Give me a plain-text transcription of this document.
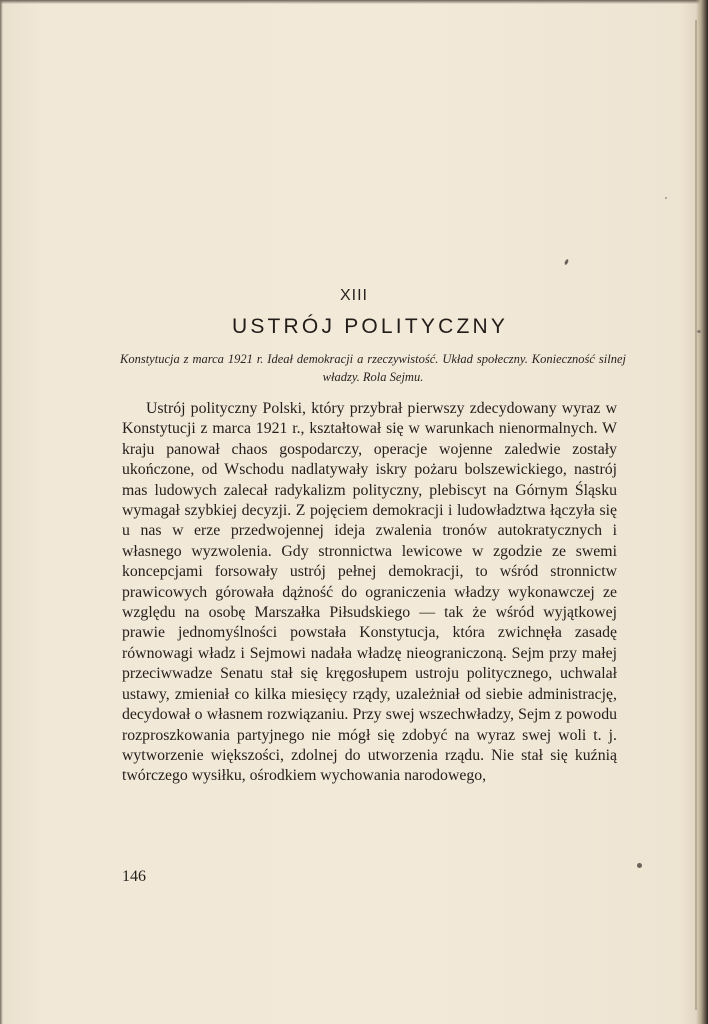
XIII
USTRÓJ POLITYCZNY
Konstytucja z marca 1921 r. Ideał demokracji a rzeczywistość. Układ społeczny. Konieczność silnej władzy. Rola Sejmu.
Ustrój polityczny Polski, który przybrał pierwszy zdecydowany wyraz w Konstytucji z marca 1921 r., kształtował się w warunkach nienormalnych. W kraju panował chaos gospodarczy, operacje wojenne zaledwie zostały ukończone, od Wschodu nadlatywały iskry pożaru bolszewickiego, nastrój mas ludowych zalecał radykalizm polityczny, plebiscyt na Górnym Śląsku wymagał szybkiej decyzji. Z pojęciem demokracji i ludowładztwa łączyła się u nas w erze przedwojennej ideja zwalenia tronów autokratycznych i własnego wyzwolenia. Gdy stronnictwa lewicowe w zgodzie ze swemi koncepcjami forsowały ustrój pełnej demokracji, to wśród stronnictw prawicowych górowała dążność do ograniczenia władzy wykonawczej ze względu na osobę Marszałka Piłsudskiego — tak że wśród wyjątkowej prawie jednomyślności powstała Konstytucja, która zwichnęła zasadę równowagi władz i Sejmowi nadała władzę nieograniczoną. Sejm przy małej przeciwwadze Senatu stał się kręgosłupem ustroju politycznego, uchwalał ustawy, zmieniał co kilka miesięcy rządy, uzależniał od siebie administrację, decydował o własnem rozwiązaniu. Przy swej wszechwładzy, Sejm z powodu rozproszkowania partyjnego nie mógł się zdobyć na wyraz swej woli t. j. wytworzenie większości, zdolnej do utworzenia rządu. Nie stał się kuźnią twórczego wysiłku, ośrodkiem wychowania narodowego,
146
